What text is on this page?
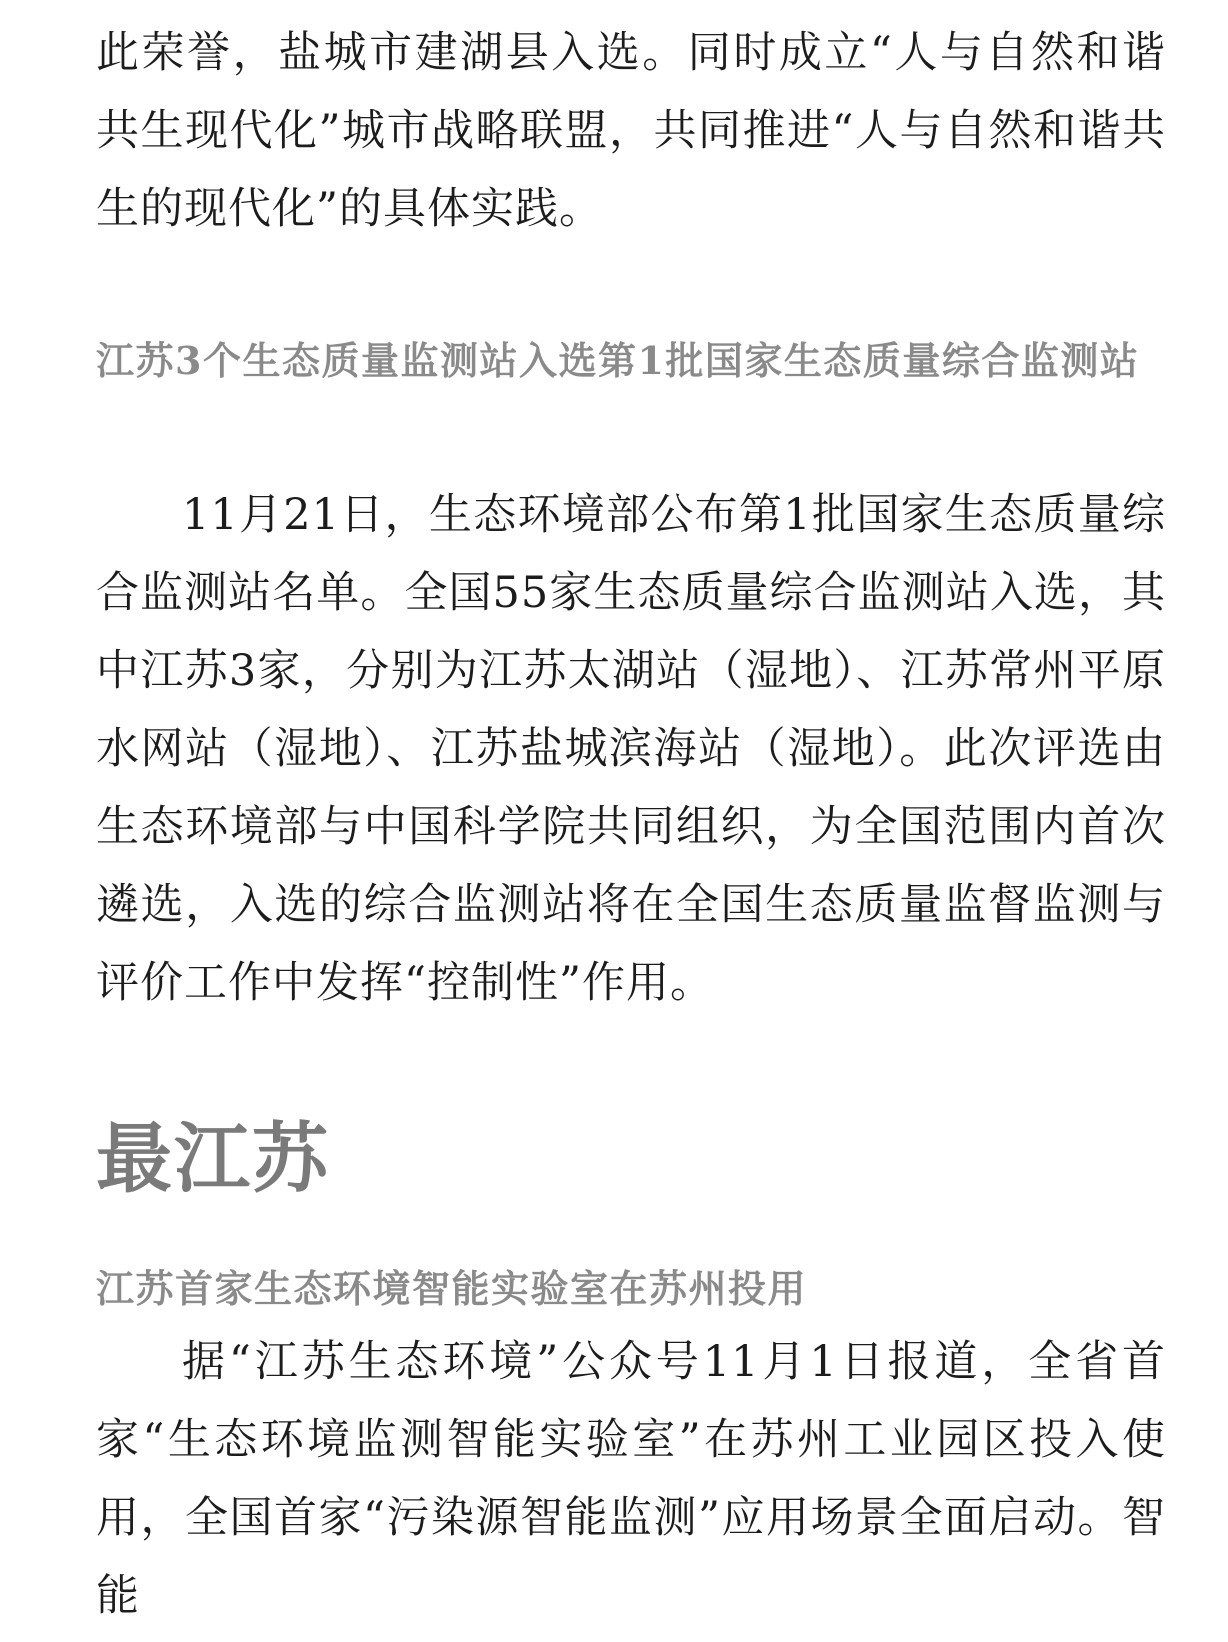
此荣誉，盐城市建湖县入选。同时成立“人与自然和谐共生现代化”城市战略联盟，共同推进“人与自然和谐共生的现代化”的具体实践。

江苏3个生态质量监测站入选第1批国家生态质量综合监测站

11月21日，生态环境部公布第1批国家生态质量综合监测站名单。全国55家生态质量综合监测站入选，其中江苏3家，分别为江苏太湖站（湿地）、江苏常州平原水网站（湿地）、江苏盐城滨海站（湿地）。此次评选由生态环境部与中国科学院共同组织，为全国范围内首次遴选，入选的综合监测站将在全国生态质量监督监测与评价工作中发挥“控制性”作用。

最江苏
江苏首家生态环境智能实验室在苏州投用

据“江苏生态环境”公众号11月1日报道，全省首家“生态环境监测智能实验室”在苏州工业园区投入使用，全国首家“污染源智能监测”应用场景全面启动。智能
